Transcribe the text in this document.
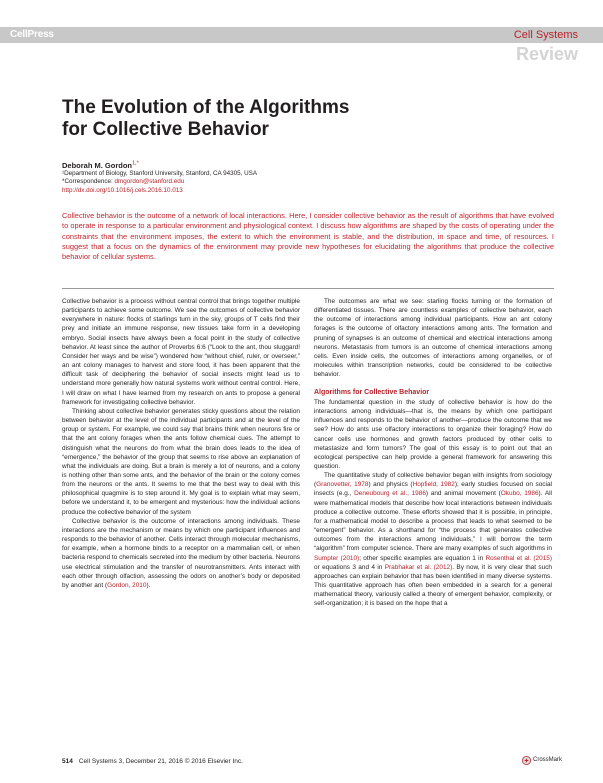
CellPress	Cell Systems
Review
The Evolution of the Algorithms
for Collective Behavior
Deborah M. Gordon$^{1,*}$
¹Department of Biology, Stanford University, Stanford, CA 94305, USA
*Correspondence: dmgordon@stanford.edu
http://dx.doi.org/10.1016/j.cels.2016.10.013
Collective behavior is the outcome of a network of local interactions. Here, I consider collective behavior as the result of algorithms that have evolved to operate in response to a particular environment and physiological context. I discuss how algorithms are shaped by the costs of operating under the constraints that the environment imposes, the extent to which the environment is stable, and the distribution, in space and time, of resources. I suggest that a focus on the dynamics of the environment may provide new hypotheses for elucidating the algorithms that produce the collective behavior of cellular systems.

Collective behavior is a process without central control that brings together multiple participants to achieve some outcome. We see the outcomes of collective behavior everywhere in nature: flocks of starlings turn in the sky, groups of T cells find their prey and initiate an immune response, new tissues take form in a developing embryo. Social insects have always been a focal point in the study of collective behavior. At least since the author of Proverbs 6:6 (“Look to the ant, thou sluggard! Consider her ways and be wise”) wondered how “without chief, ruler, or overseer,” an ant colony manages to harvest and store food, it has been apparent that the difficult task of deciphering the behavior of social insects might lead us to understand more generally how natural systems work without central control. Here, I will draw on what I have learned from my research on ants to propose a general framework for investigating collective behavior.

Thinking about collective behavior generates sticky questions about the relation between behavior at the level of the individual participants and at the level of the group or system. For example, we could say that brains think when neurons fire or that the ant colony forages when the ants follow chemical cues. The attempt to distinguish what the neurons do from what the brain does leads to the idea of “emergence,” the behavior of the group that seems to rise above an explanation of what the individuals are doing. But a brain is merely a lot of neurons, and a colony is nothing other than some ants, and the behavior of the brain or the colony comes from the neurons or the ants. It seems to me that the best way to deal with this philosophical quagmire is to step around it. My goal is to explain what may seem, before we understand it, to be emergent and mysterious: how the individual actions produce the collective behavior of the system

Collective behavior is the outcome of interactions among individuals. These interactions are the mechanism or means by which one participant influences and responds to the behavior of another. Cells interact through molecular mechanisms, for example, when a hormone binds to a receptor on a mammalian cell, or when bacteria respond to chemicals secreted into the medium by other bacteria. Neurons use electrical stimulation and the transfer of neurotransmitters. Ants interact with each other through olfaction, assessing the odors on another’s body or deposited by another ant (Gordon, 2010).

The outcomes are what we see: starling flocks turning or the formation of differentiated tissues. There are countless examples of collective behavior, each the outcome of interactions among individual participants. How an ant colony forages is the outcome of olfactory interactions among ants. The formation and pruning of synapses is an outcome of chemical and electrical interactions among neurons. Metastasis from tumors is an outcome of chemical interactions among cells. Even inside cells, the outcomes of interactions among organelles, or of molecules within transcription networks, could be considered to be collective behavior.

Algorithms for Collective Behavior

The fundamental question in the study of collective behavior is how do the interactions among individuals—that is, the means by which one participant influences and responds to the behavior of another—produce the outcome that we see? How do ants use olfactory interactions to organize their foraging? How do cancer cells use hormones and growth factors produced by other cells to metastasize and form tumors? The goal of this essay is to point out that an ecological perspective can help provide a general framework for answering this question.

The quantitative study of collective behavior began with insights from sociology (Granovetter, 1978) and physics (Hopfield, 1982); early studies focused on social insects (e.g., Deneubourg et al., 1986) and animal movement (Okubo, 1986). All were mathematical models that describe how local interactions between individuals produce a collective outcome. These efforts showed that it is possible, in principle, for a mathematical model to describe a process that leads to what seemed to be “emergent” behavior. As a shorthand for “the process that generates collective outcomes from the interactions among individuals,” I will borrow the term “algorithm” from computer science. There are many examples of such algorithms in Sumpter (2010); other specific examples are equation 1 in Rosenthal et al. (2015) or equations 3 and 4 in Prabhakar et al. (2012). By now, it is very clear that such approaches can explain behavior that has been identified in many diverse systems. This quantitative approach has often been embedded in a search for a general mathematical theory, variously called a theory of emergent behavior, complexity, or self-organization; it is based on the hope that a

514 Cell Systems 3, December 21, 2016 © 2016 Elsevier Inc.	CrossMark
